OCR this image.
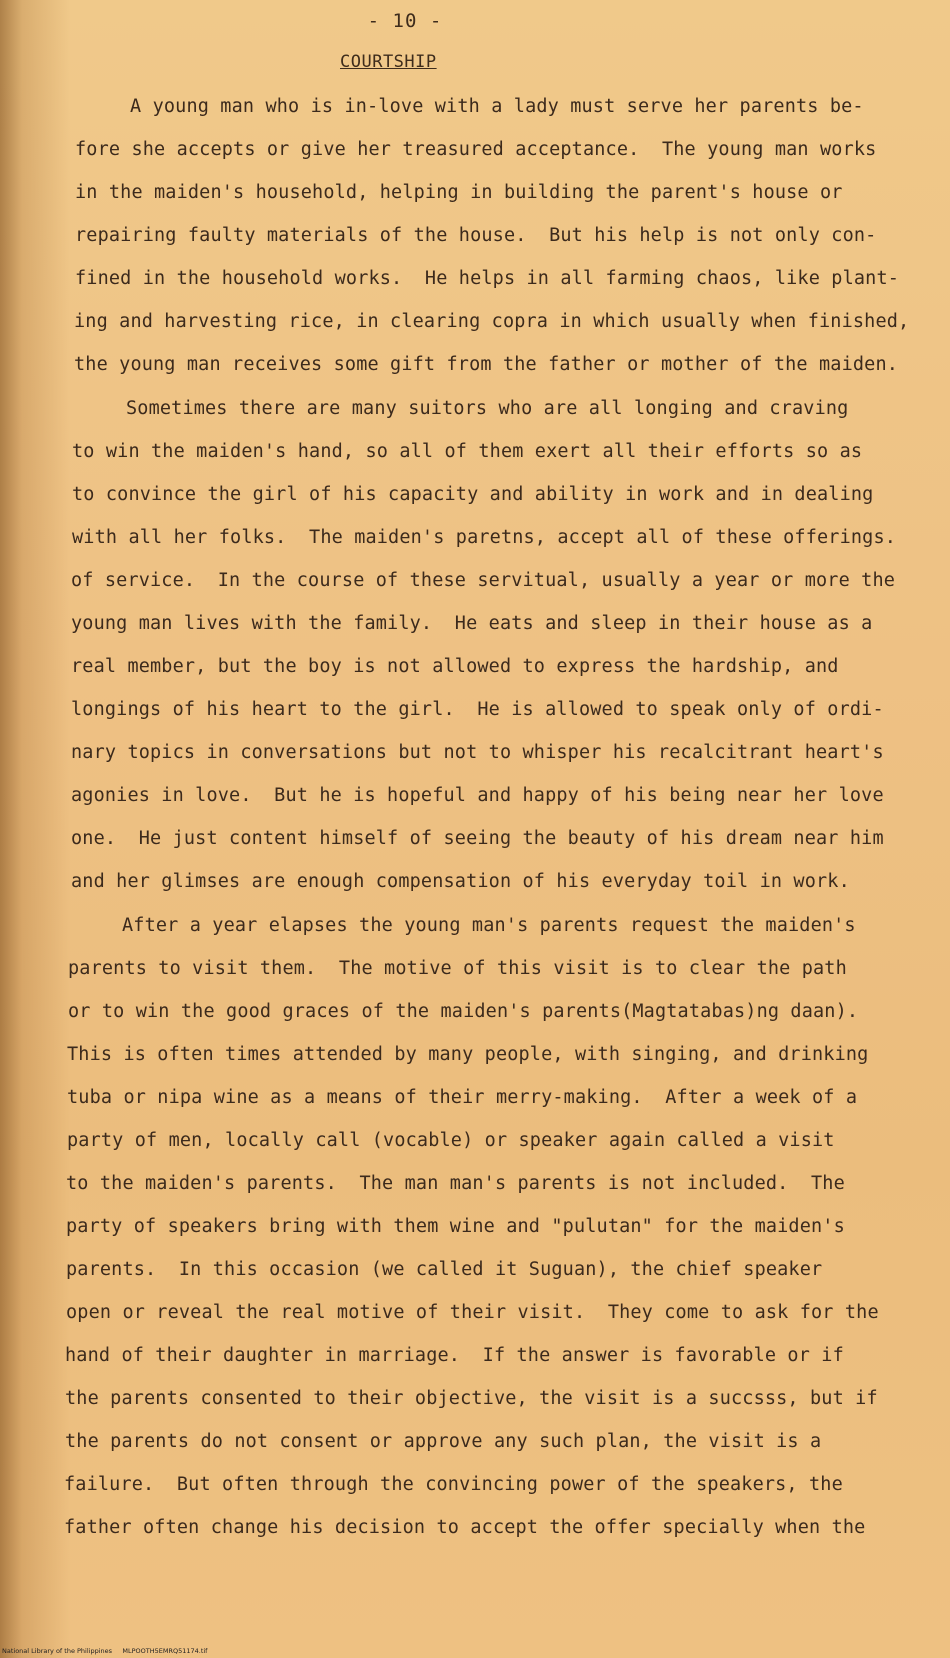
- 10 -
COURTSHIP
A young man who is in-love with a lady must serve her parents be-
fore she accepts or give her treasured acceptance.  The young man works
in the maiden's household, helping in building the parent's house or
repairing faulty materials of the house.  But his help is not only con-
fined in the household works.  He helps in all farming chaos, like plant-
ing and harvesting rice, in clearing copra in which usually when finished,
the young man receives some gift from the father or mother of the maiden.
Sometimes there are many suitors who are all longing and craving
to win the maiden's hand, so all of them exert all their efforts so as
to convince the girl of his capacity and ability in work and in dealing
with all her folks.  The maiden's paretns, accept all of these offerings.
of service.  In the course of these servitual, usually a year or more the
young man lives with the family.  He eats and sleep in their house as a
real member, but the boy is not allowed to express the hardship, and
longings of his heart to the girl.  He is allowed to speak only of ordi-
nary topics in conversations but not to whisper his recalcitrant heart's
agonies in love.  But he is hopeful and happy of his being near her love
one.  He just content himself of seeing the beauty of his dream near him
and her glimses are enough compensation of his everyday toil in work.
After a year elapses the young man's parents request the maiden's
parents to visit them.  The motive of this visit is to clear the path
or to win the good graces of the maiden's parents(Magtatabas)ng daan).
This is often times attended by many people, with singing, and drinking
tuba or nipa wine as a means of their merry-making.  After a week of a
party of men, locally call (vocable) or speaker again called a visit
to the maiden's parents.  The man man's parents is not included.  The
party of speakers bring with them wine and "pulutan" for the maiden's
parents.  In this occasion (we called it Suguan), the chief speaker
open or reveal the real motive of their visit.  They come to ask for the
hand of their daughter in marriage.  If the answer is favorable or if
the parents consented to their objective, the visit is a succsss, but if
the parents do not consent or approve any such plan, the visit is a
failure.  But often through the convincing power of the speakers, the
father often change his decision to accept the offer specially when the
National Library of the Philippines     MLPOOTH5EMRQ51174.tif
